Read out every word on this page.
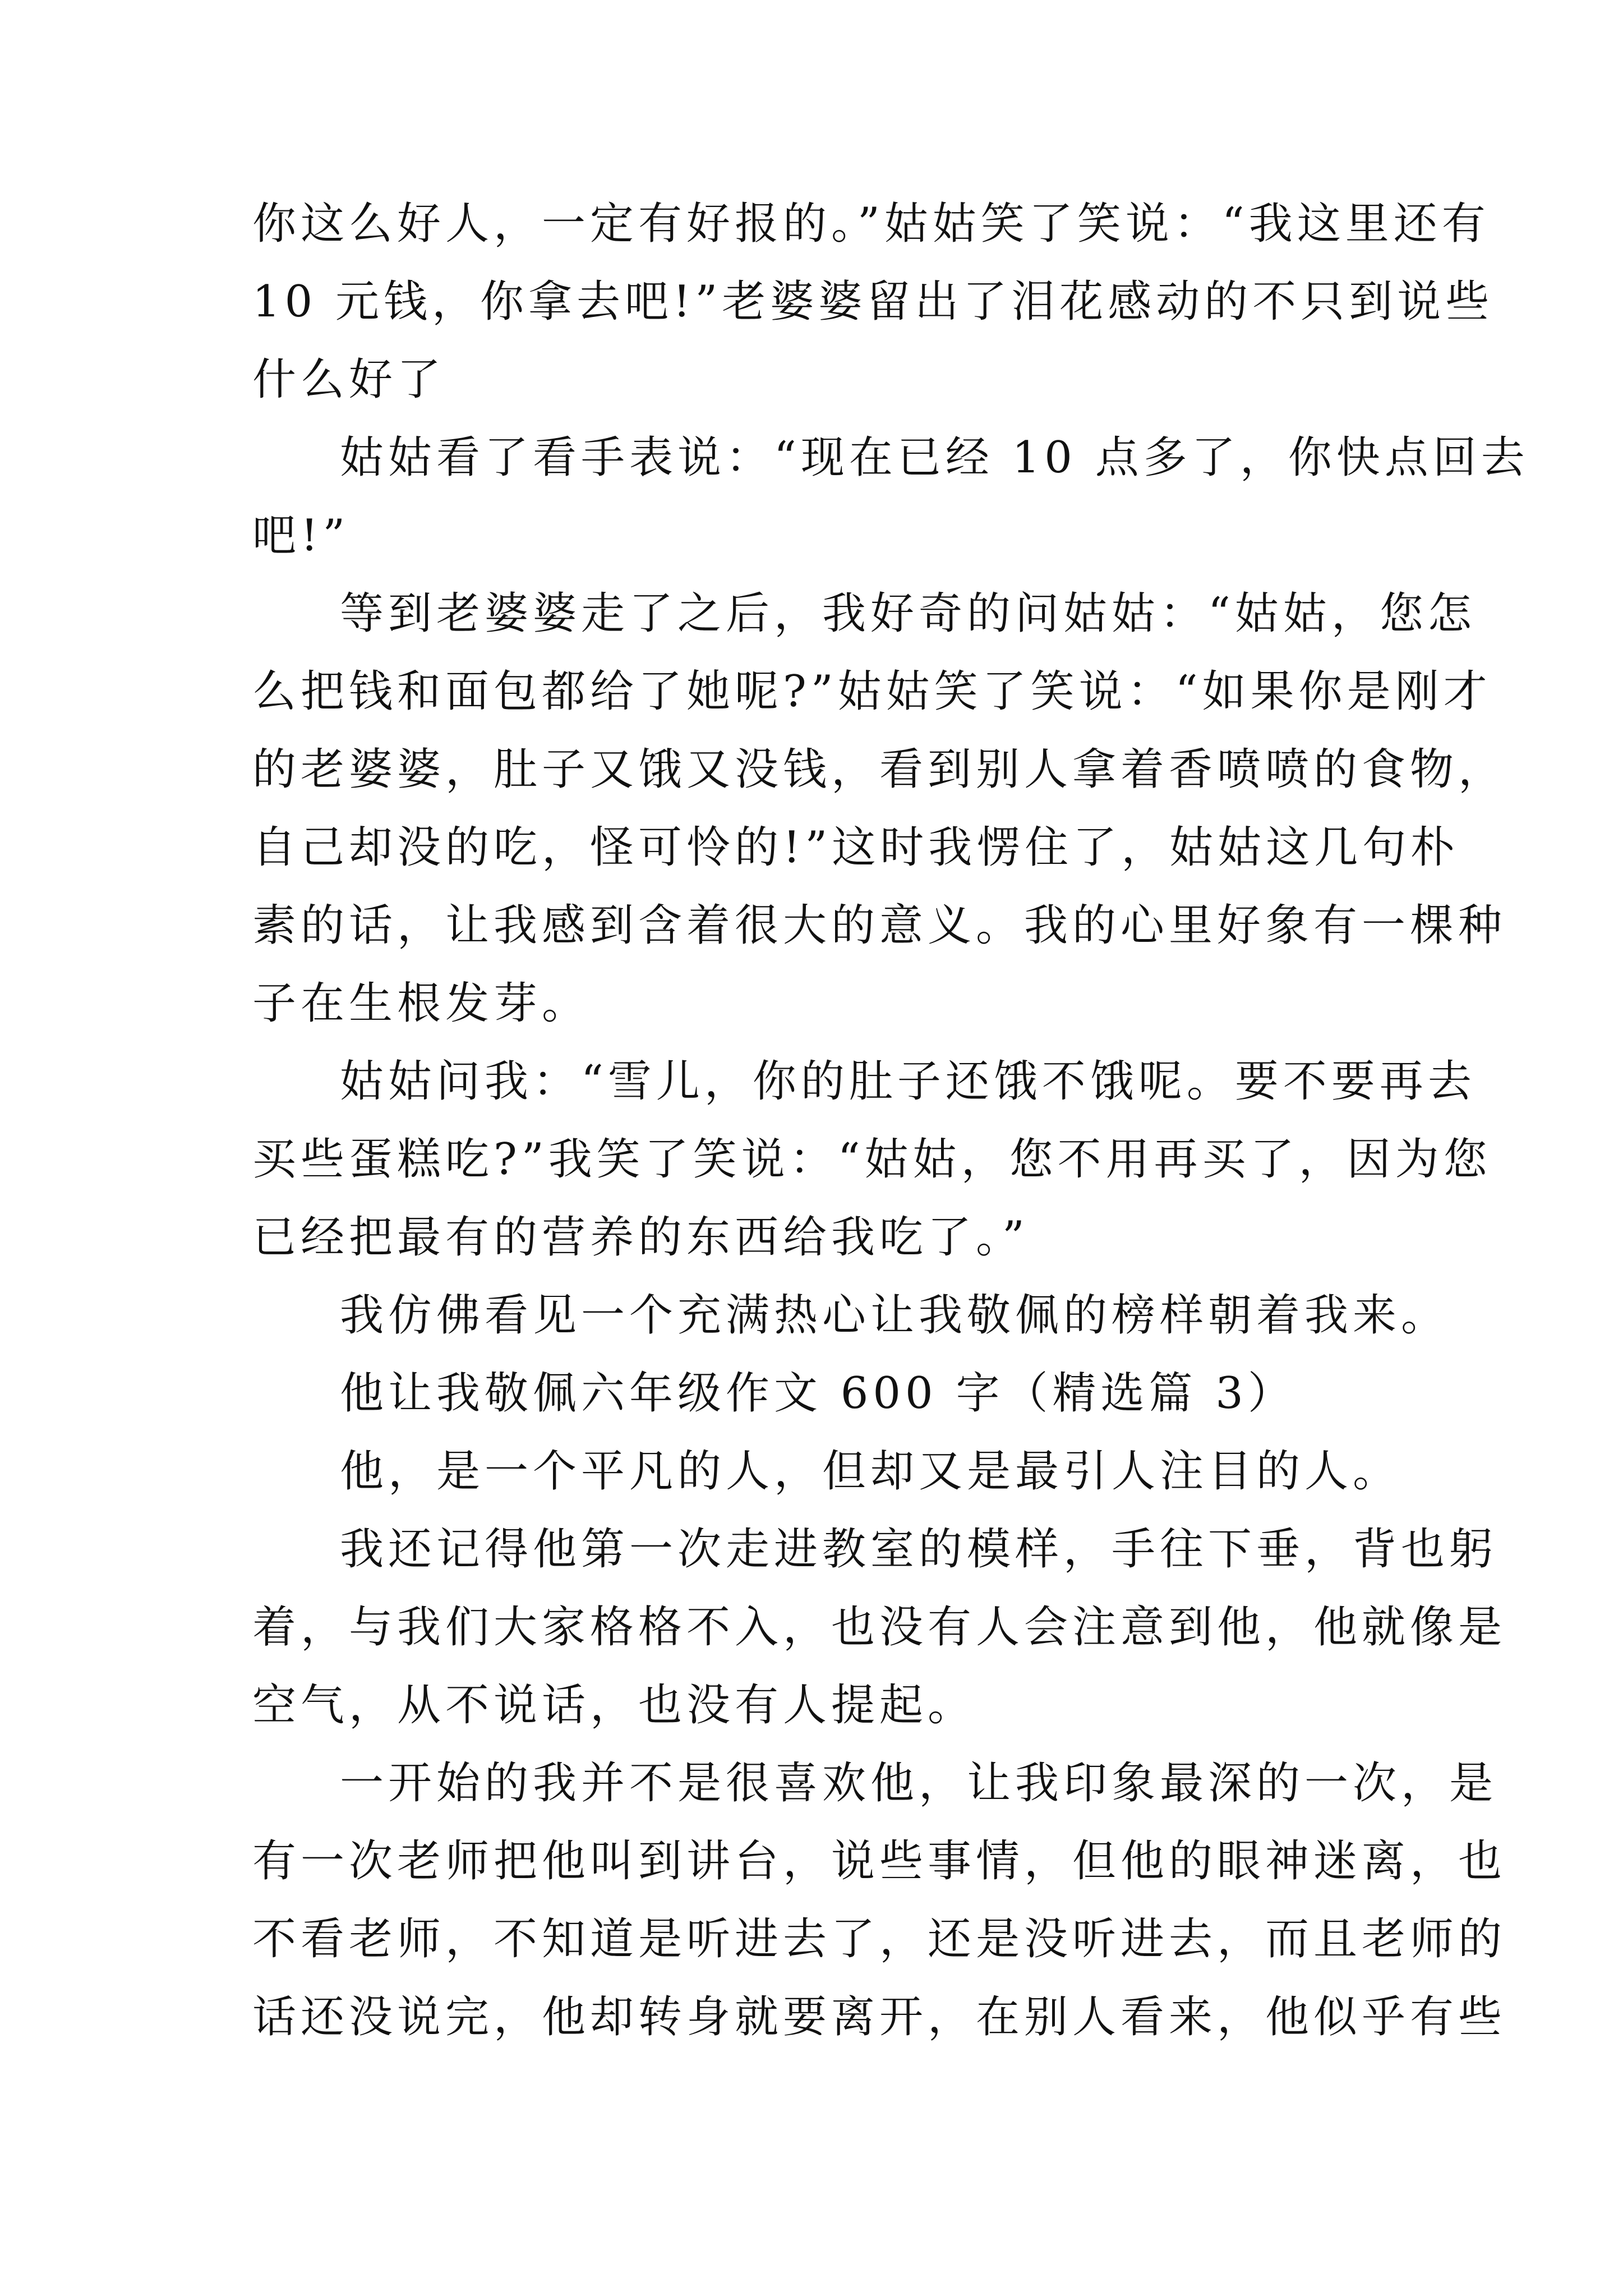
你这么好人，一定有好报的。”姑姑笑了笑说：“我这里还有
10 元钱，你拿去吧!”老婆婆留出了泪花感动的不只到说些
什么好了

姑姑看了看手表说：“现在已经 10 点多了，你快点回去
吧!”

等到老婆婆走了之后，我好奇的问姑姑：“姑姑，您怎
么把钱和面包都给了她呢?”姑姑笑了笑说：“如果你是刚才
的老婆婆，肚子又饿又没钱，看到别人拿着香喷喷的食物，
自己却没的吃，怪可怜的!”这时我愣住了，姑姑这几句朴
素的话，让我感到含着很大的意义。我的心里好象有一棵种
子在生根发芽。

姑姑问我：“雪儿，你的肚子还饿不饿呢。要不要再去
买些蛋糕吃?”我笑了笑说：“姑姑，您不用再买了，因为您
已经把最有的营养的东西给我吃了。”

我仿佛看见一个充满热心让我敬佩的榜样朝着我来。

他让我敬佩六年级作文 600 字（精选篇 3）

他，是一个平凡的人，但却又是最引人注目的人。

我还记得他第一次走进教室的模样，手往下垂，背也躬
着，与我们大家格格不入，也没有人会注意到他，他就像是
空气，从不说话，也没有人提起。

一开始的我并不是很喜欢他，让我印象最深的一次，是
有一次老师把他叫到讲台，说些事情，但他的眼神迷离，也
不看老师，不知道是听进去了，还是没听进去，而且老师的
话还没说完，他却转身就要离开，在别人看来，他似乎有些
